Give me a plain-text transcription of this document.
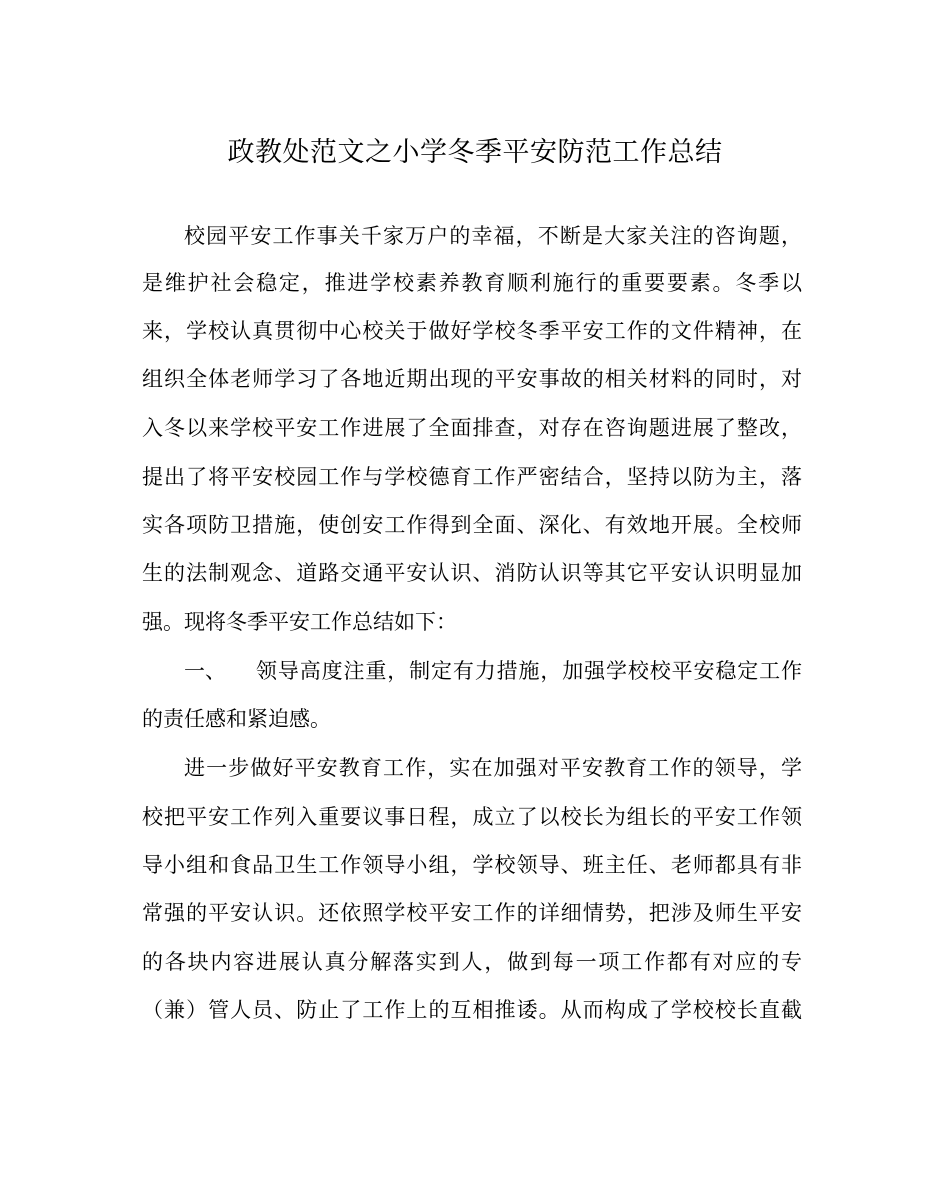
政教处范文之小学冬季平安防范工作总结
校园平安工作事关千家万户的幸福，不断是大家关注的咨询题，
是维护社会稳定，推进学校素养教育顺利施行的重要要素。冬季以
来，学校认真贯彻中心校关于做好学校冬季平安工作的文件精神，在
组织全体老师学习了各地近期出现的平安事故的相关材料的同时，对
入冬以来学校平安工作进展了全面排查，对存在咨询题进展了整改，
提出了将平安校园工作与学校德育工作严密结合，坚持以防为主，落
实各项防卫措施，使创安工作得到全面、深化、有效地开展。全校师
生的法制观念、道路交通平安认识、消防认识等其它平安认识明显加
强。现将冬季平安工作总结如下：
一、 领导高度注重，制定有力措施，加强学校校平安稳定工作
的责任感和紧迫感。
进一步做好平安教育工作，实在加强对平安教育工作的领导，学
校把平安工作列入重要议事日程，成立了以校长为组长的平安工作领
导小组和食品卫生工作领导小组，学校领导、班主任、老师都具有非
常强的平安认识。还依照学校平安工作的详细情势，把涉及师生平安
的各块内容进展认真分解落实到人，做到每一项工作都有对应的专
（兼）管人员、防止了工作上的互相推诿。从而构成了学校校长直截
